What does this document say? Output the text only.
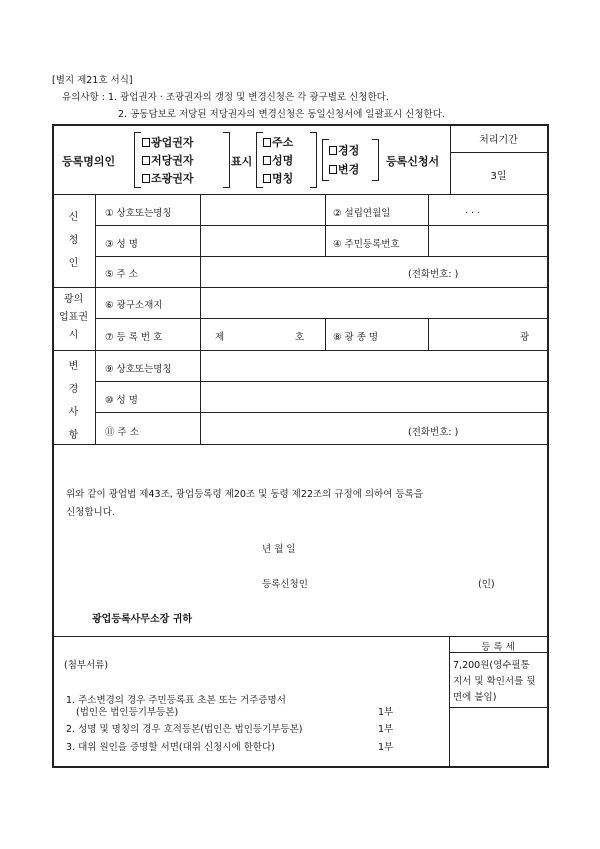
[별지 제21호 서식]
유의사항 : 1. 광업권자 · 조광권자의 갱정 및 변경신청은 각 광구별로 신청한다.
2. 공동담보로 저당된 저당권자의 변경신청은 동일신청서에 일괄표시 신청한다.
등록명의인
광업권자
저당권자
조광권자
표시
주소
성명
명칭
경정
변경
등록신청서
처리기간
3일
신
청
인
① 상호또는명칭	② 설립연월일	. . .
③ 성 명	④ 주민등록번호
⑤ 주 소	(전화번호: )
광의
업표권
시
⑥ 광구소재지
⑦ 등 록 번 호	제	호	⑧ 광 종 명	광
변
경
사
항
⑨ 상호또는명칭
⑩ 성 명
⑪ 주 소	(전화번호: )
위와 같이 광업법 제43조, 광업등록령 제20조 및 동령 제22조의 규정에 의하여 등록을
신청합니다.
년 월 일
등록신청인	(인)
광업등록사무소장 귀하
등 록 세
7,200원(영수필통
지서 및 확인서를 뒷
면에 붙임)
(첨부서류)
1. 주소변경의 경우 주민등록표 초본 또는 거주증명서
(법인은 법인등기부등본)	1부
2. 성명 및 명칭의 경우 호적등본(법인은 법인등기부등본)	1부
3. 대위 원인을 증명할 서면(대위 신청시에 한한다)	1부
